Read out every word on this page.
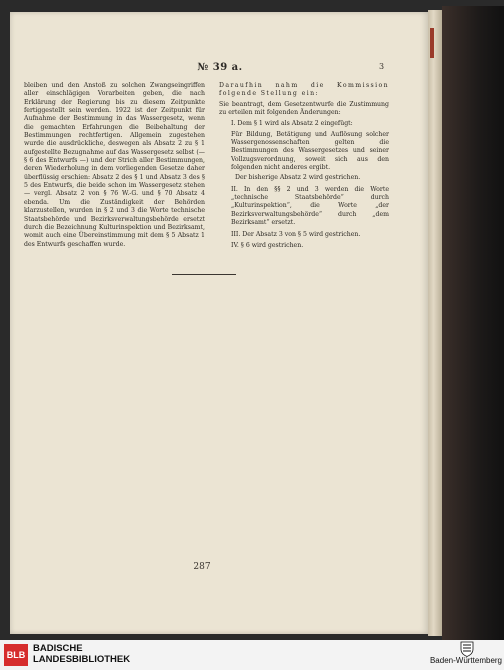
№ 39 a.	3

bleiben und den Anstoß zu solchen Zwangseingriffen aller einschlägigen Vorarbeiten geben, die nach Erklärung der Regierung bis zu diesem Zeitpunkte fertiggestellt sein werden. 1922 ist der Zeitpunkt für Aufnahme der Bestimmung in das Wassergesetz, wenn die gemachten Erfahrungen die Beibehaltung der Bestimmungen rechtfertigen. Allgemein zugestehen wurde die ausdrückliche, deswegen als Absatz 2 zu § 1 aufgestellte Bezugnahme auf das Wassergesetz selbst (— § 6 des Entwurfs —) und der Strich aller Bestimmungen, deren Wiederholung in dem vorliegenden Gesetze daher überflüssig erschien: Absatz 2 des § 1 und Absatz 3 des § 5 des Entwurfs, die beide schon im Wassergesetz stehen — vergl. Absatz 2 von § 76 W.-G. und § 70 Absatz 4 ebenda. Um die Zuständigkeit der Behörden klarzustellen, wurden in § 2 und 3 die Worte technische Staatsbehörde und Bezirksverwaltungsbehörde ersetzt durch die Bezeichnung Kulturinspektion und Bezirksamt, womit auch eine Übereinstimmung mit dem § 5 Absatz 1 des Entwurfs geschaffen wurde.

Daraufhin nahm die Kommission folgende Stellung ein:

Sie beantragt, dem Gesetzentwurfe die Zustimmung zu erteilen mit folgenden Änderungen:

I. Dem § 1 wird als Absatz 2 eingefügt:

Für Bildung, Betätigung und Auflösung solcher Wassergenossenschaften gelten die Bestimmungen des Wassergesetzes und seiner Vollzugsverordnung, soweit sich aus den folgenden nicht anderes ergibt.

Der bisherige Absatz 2 wird gestrichen.

II. In den §§ 2 und 3 werden die Worte „technische Staatsbehörde“ durch „Kulturinspektion“, die Worte „der Bezirksverwaltungsbehörde“ durch „dem Bezirksamt“ ersetzt.

III. Der Absatz 3 von § 5 wird gestrichen.

IV. § 6 wird gestrichen.

287
BLB
BADISCHE
LANDESBIBLIOTHEK	Baden-Württemberg
